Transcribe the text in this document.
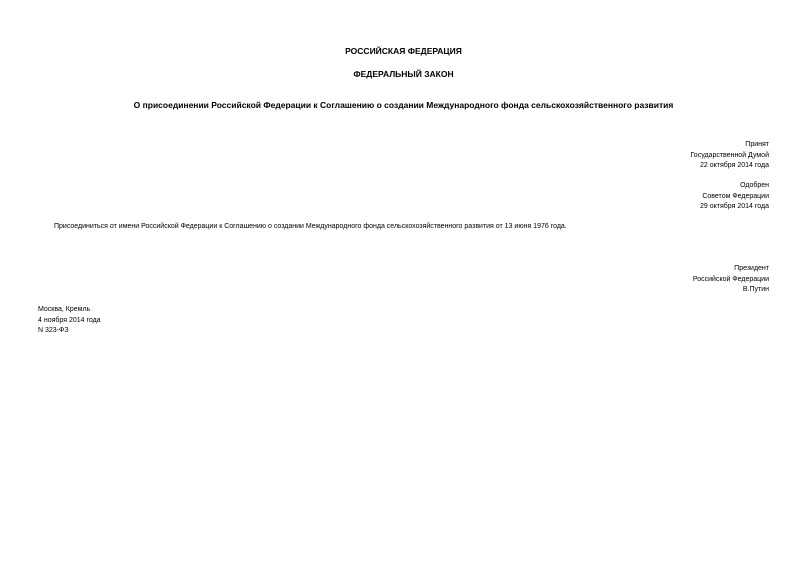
РОССИЙСКАЯ ФЕДЕРАЦИЯ
ФЕДЕРАЛЬНЫЙ ЗАКОН
О присоединении Российской Федерации к Соглашению о создании Международного фонда сельскохозяйственного развития
Принят
Государственной Думой
22 октября 2014 года
Одобрен
Советом Федерации
29 октября 2014 года
Присоединиться от имени Российской Федерации к Соглашению о создании Международного фонда сельскохозяйственного развития от 13 июня 1976 года.
Президент
Российской Федерации
В.Путин
Москва, Кремль
4 ноября 2014 года
N 323-ФЗ
